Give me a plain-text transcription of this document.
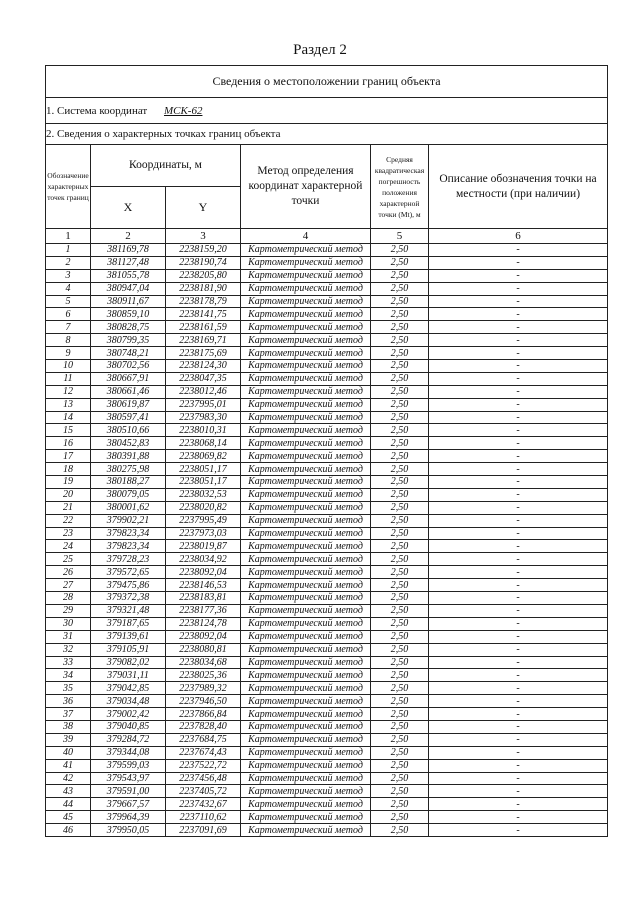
Раздел 2
Сведения о местоположении границ объекта					
1. Система координат МСК-62					
2. Сведения о характерных точках границ объекта					
Обозначение характерных точек границ	Координаты, м		Метод определения координат характерной точки	Средняя квадратическая погрешность положения характерной точки (Mt), м	Описание обозначения точки на местности (при наличии)
	X	Y			
1	2	3	4	5	6
1	381169,78	2238159,20	Картометрический метод	2,50	-
2	381127,48	2238190,74	Картометрический метод	2,50	-
3	381055,78	2238205,80	Картометрический метод	2,50	-
4	380947,04	2238181,90	Картометрический метод	2,50	-
5	380911,67	2238178,79	Картометрический метод	2,50	-
6	380859,10	2238141,75	Картометрический метод	2,50	-
7	380828,75	2238161,59	Картометрический метод	2,50	-
8	380799,35	2238169,71	Картометрический метод	2,50	-
9	380748,21	2238175,69	Картометрический метод	2,50	-
10	380702,56	2238124,30	Картометрический метод	2,50	-
11	380667,91	2238047,35	Картометрический метод	2,50	-
12	380661,46	2238012,46	Картометрический метод	2,50	-
13	380619,87	2237995,01	Картометрический метод	2,50	-
14	380597,41	2237983,30	Картометрический метод	2,50	-
15	380510,66	2238010,31	Картометрический метод	2,50	-
16	380452,83	2238068,14	Картометрический метод	2,50	-
17	380391,88	2238069,82	Картометрический метод	2,50	-
18	380275,98	2238051,17	Картометрический метод	2,50	-
19	380188,27	2238051,17	Картометрический метод	2,50	-
20	380079,05	2238032,53	Картометрический метод	2,50	-
21	380001,62	2238020,82	Картометрический метод	2,50	-
22	379902,21	2237995,49	Картометрический метод	2,50	-
23	379823,34	2237973,03	Картометрический метод	2,50	-
24	379823,34	2238019,87	Картометрический метод	2,50	-
25	379728,23	2238034,92	Картометрический метод	2,50	-
26	379572,65	2238092,04	Картометрический метод	2,50	-
27	379475,86	2238146,53	Картометрический метод	2,50	-
28	379372,38	2238183,81	Картометрический метод	2,50	-
29	379321,48	2238177,36	Картометрический метод	2,50	-
30	379187,65	2238124,78	Картометрический метод	2,50	-
31	379139,61	2238092,04	Картометрический метод	2,50	-
32	379105,91	2238080,81	Картометрический метод	2,50	-
33	379082,02	2238034,68	Картометрический метод	2,50	-
34	379031,11	2238025,36	Картометрический метод	2,50	-
35	379042,85	2237989,32	Картометрический метод	2,50	-
36	379034,48	2237946,50	Картометрический метод	2,50	-
37	379002,42	2237866,84	Картометрический метод	2,50	-
38	379040,85	2237828,40	Картометрический метод	2,50	-
39	379284,72	2237684,75	Картометрический метод	2,50	-
40	379344,08	2237674,43	Картометрический метод	2,50	-
41	379599,03	2237522,72	Картометрический метод	2,50	-
42	379543,97	2237456,48	Картометрический метод	2,50	-
43	379591,00	2237405,72	Картометрический метод	2,50	-
44	379667,57	2237432,67	Картометрический метод	2,50	-
45	379964,39	2237110,62	Картометрический метод	2,50	-
46	379950,05	2237091,69	Картометрический метод	2,50	-
